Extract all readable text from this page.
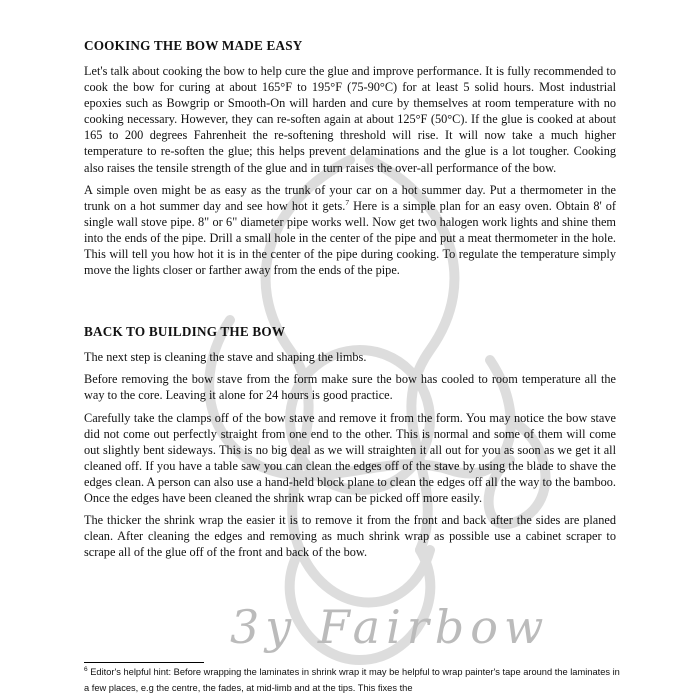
3y Fairbow
COOKING THE BOW MADE EASY

Let's talk about cooking the bow to help cure the glue and improve performance. It is fully recommended to cook the bow for curing at about 165°F to 195°F (75-90°C) for at least 5 solid hours. Most industrial epoxies such as Bowgrip or Smooth-On will harden and cure by themselves at room temperature with no cooking necessary. However, they can re-soften again at about 125°F (50°C). If the glue is cooked at about 165 to 200 degrees Fahrenheit the re-softening threshold will rise. It will now take a much higher temperature to re-soften the glue; this helps prevent delaminations and the glue is a lot tougher. Cooking also raises the tensile strength of the glue and in turn raises the over-all performance of the bow.

A simple oven might be as easy as the trunk of your car on a hot summer day. Put a thermometer in the trunk on a hot summer day and see how hot it gets.$^7$ Here is a simple plan for an easy oven. Obtain 8' of single wall stove pipe. 8" or 6" diameter pipe works well. Now get two halogen work lights and shine them into the ends of the pipe. Drill a small hole in the center of the pipe and put a meat thermometer in the hole. This will tell you how hot it is in the center of the pipe during cooking. To regulate the temperature simply move the lights closer or farther away from the ends of the pipe.

BACK TO BUILDING THE BOW

The next step is cleaning the stave and shaping the limbs.

Before removing the bow stave from the form make sure the bow has cooled to room temperature all the way to the core. Leaving it alone for 24 hours is good practice.

Carefully take the clamps off of the bow stave and remove it from the form. You may notice the bow stave did not come out perfectly straight from one end to the other. This is normal and some of them will come out slightly bent sideways. This is no big deal as we will straighten it all out for you as soon as we get it all cleaned off. If you have a table saw you can clean the edges off of the stave by using the blade to shave the edges clean. A person can also use a hand-held block plane to clean the edges off all the way to the bamboo. Once the edges have been cleaned the shrink wrap can be picked off more easily.

The thicker the shrink wrap the easier it is to remove it from the front and back after the sides are planed clean. After cleaning the edges and removing as much shrink wrap as possible use a cabinet scraper to scrape all of the glue off of the front and back of the bow.

$^6$ Editor's helpful hint: Before wrapping the laminates in shrink wrap it may be helpful to wrap painter's tape around the laminates in a few places, e.g the centre, the fades, at mid-limb and at the tips. This fixes the
